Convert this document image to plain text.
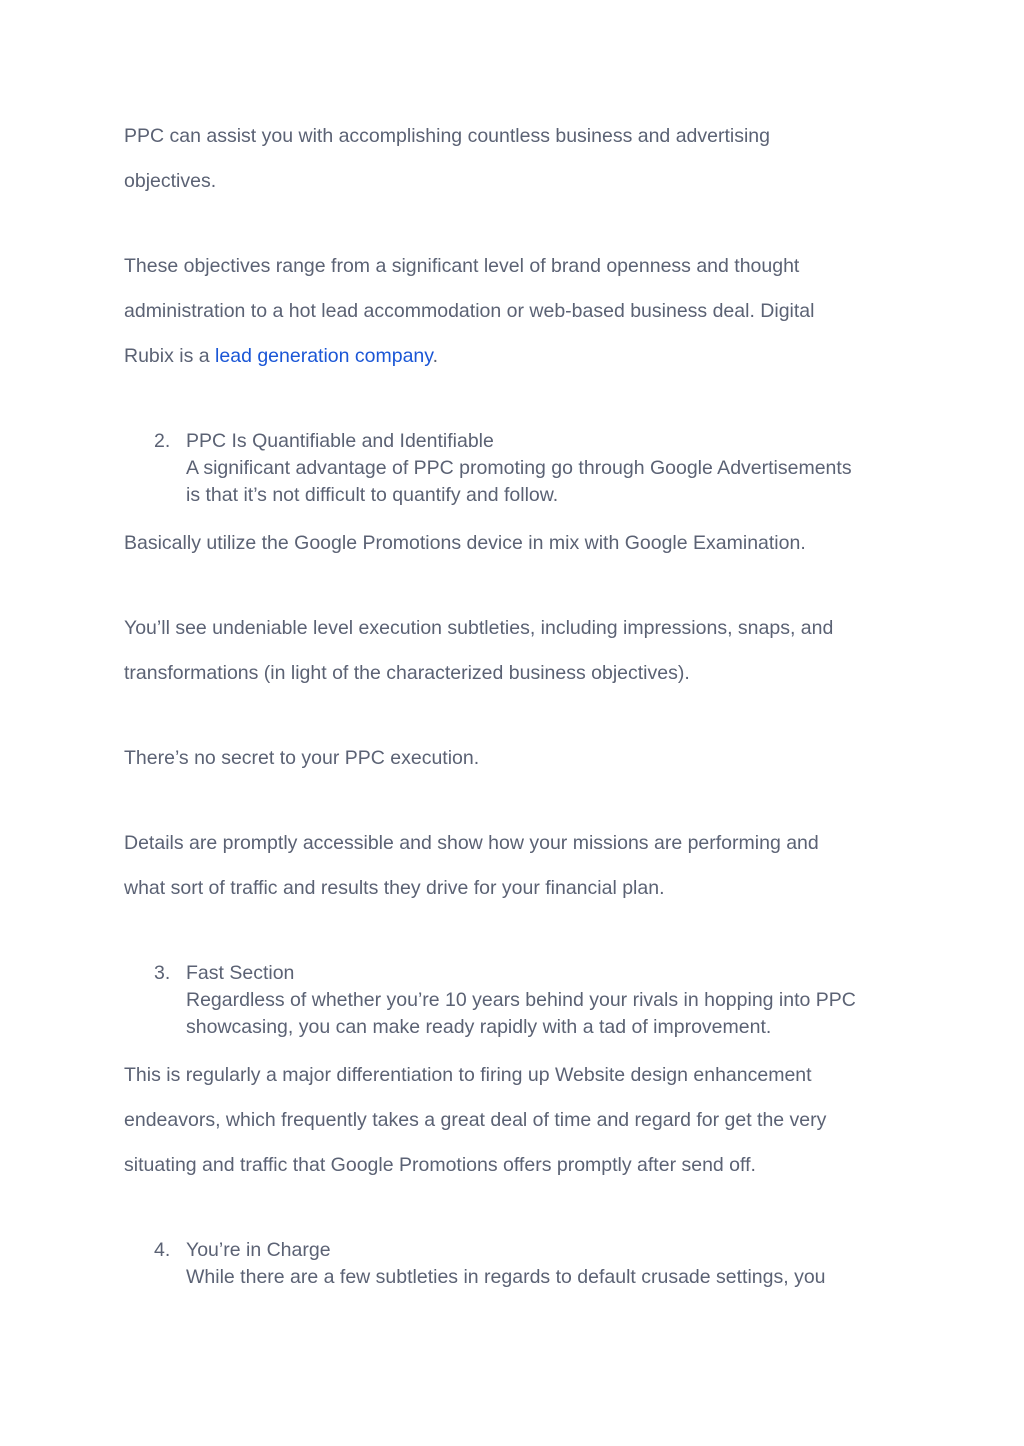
PPC can assist you with accomplishing countless business and advertising
objectives.
These objectives range from a significant level of brand openness and thought
administration to a hot lead accommodation or web-based business deal. Digital
Rubix is a lead generation company.
2. PPC Is Quantifiable and Identifiable
A significant advantage of PPC promoting go through Google Advertisements
is that it’s not difficult to quantify and follow.
Basically utilize the Google Promotions device in mix with Google Examination.
You’ll see undeniable level execution subtleties, including impressions, snaps, and
transformations (in light of the characterized business objectives).
There’s no secret to your PPC execution.
Details are promptly accessible and show how your missions are performing and
what sort of traffic and results they drive for your financial plan.
3. Fast Section
Regardless of whether you’re 10 years behind your rivals in hopping into PPC
showcasing, you can make ready rapidly with a tad of improvement.
This is regularly a major differentiation to firing up Website design enhancement
endeavors, which frequently takes a great deal of time and regard for get the very
situating and traffic that Google Promotions offers promptly after send off.
4. You’re in Charge
While there are a few subtleties in regards to default crusade settings, you
